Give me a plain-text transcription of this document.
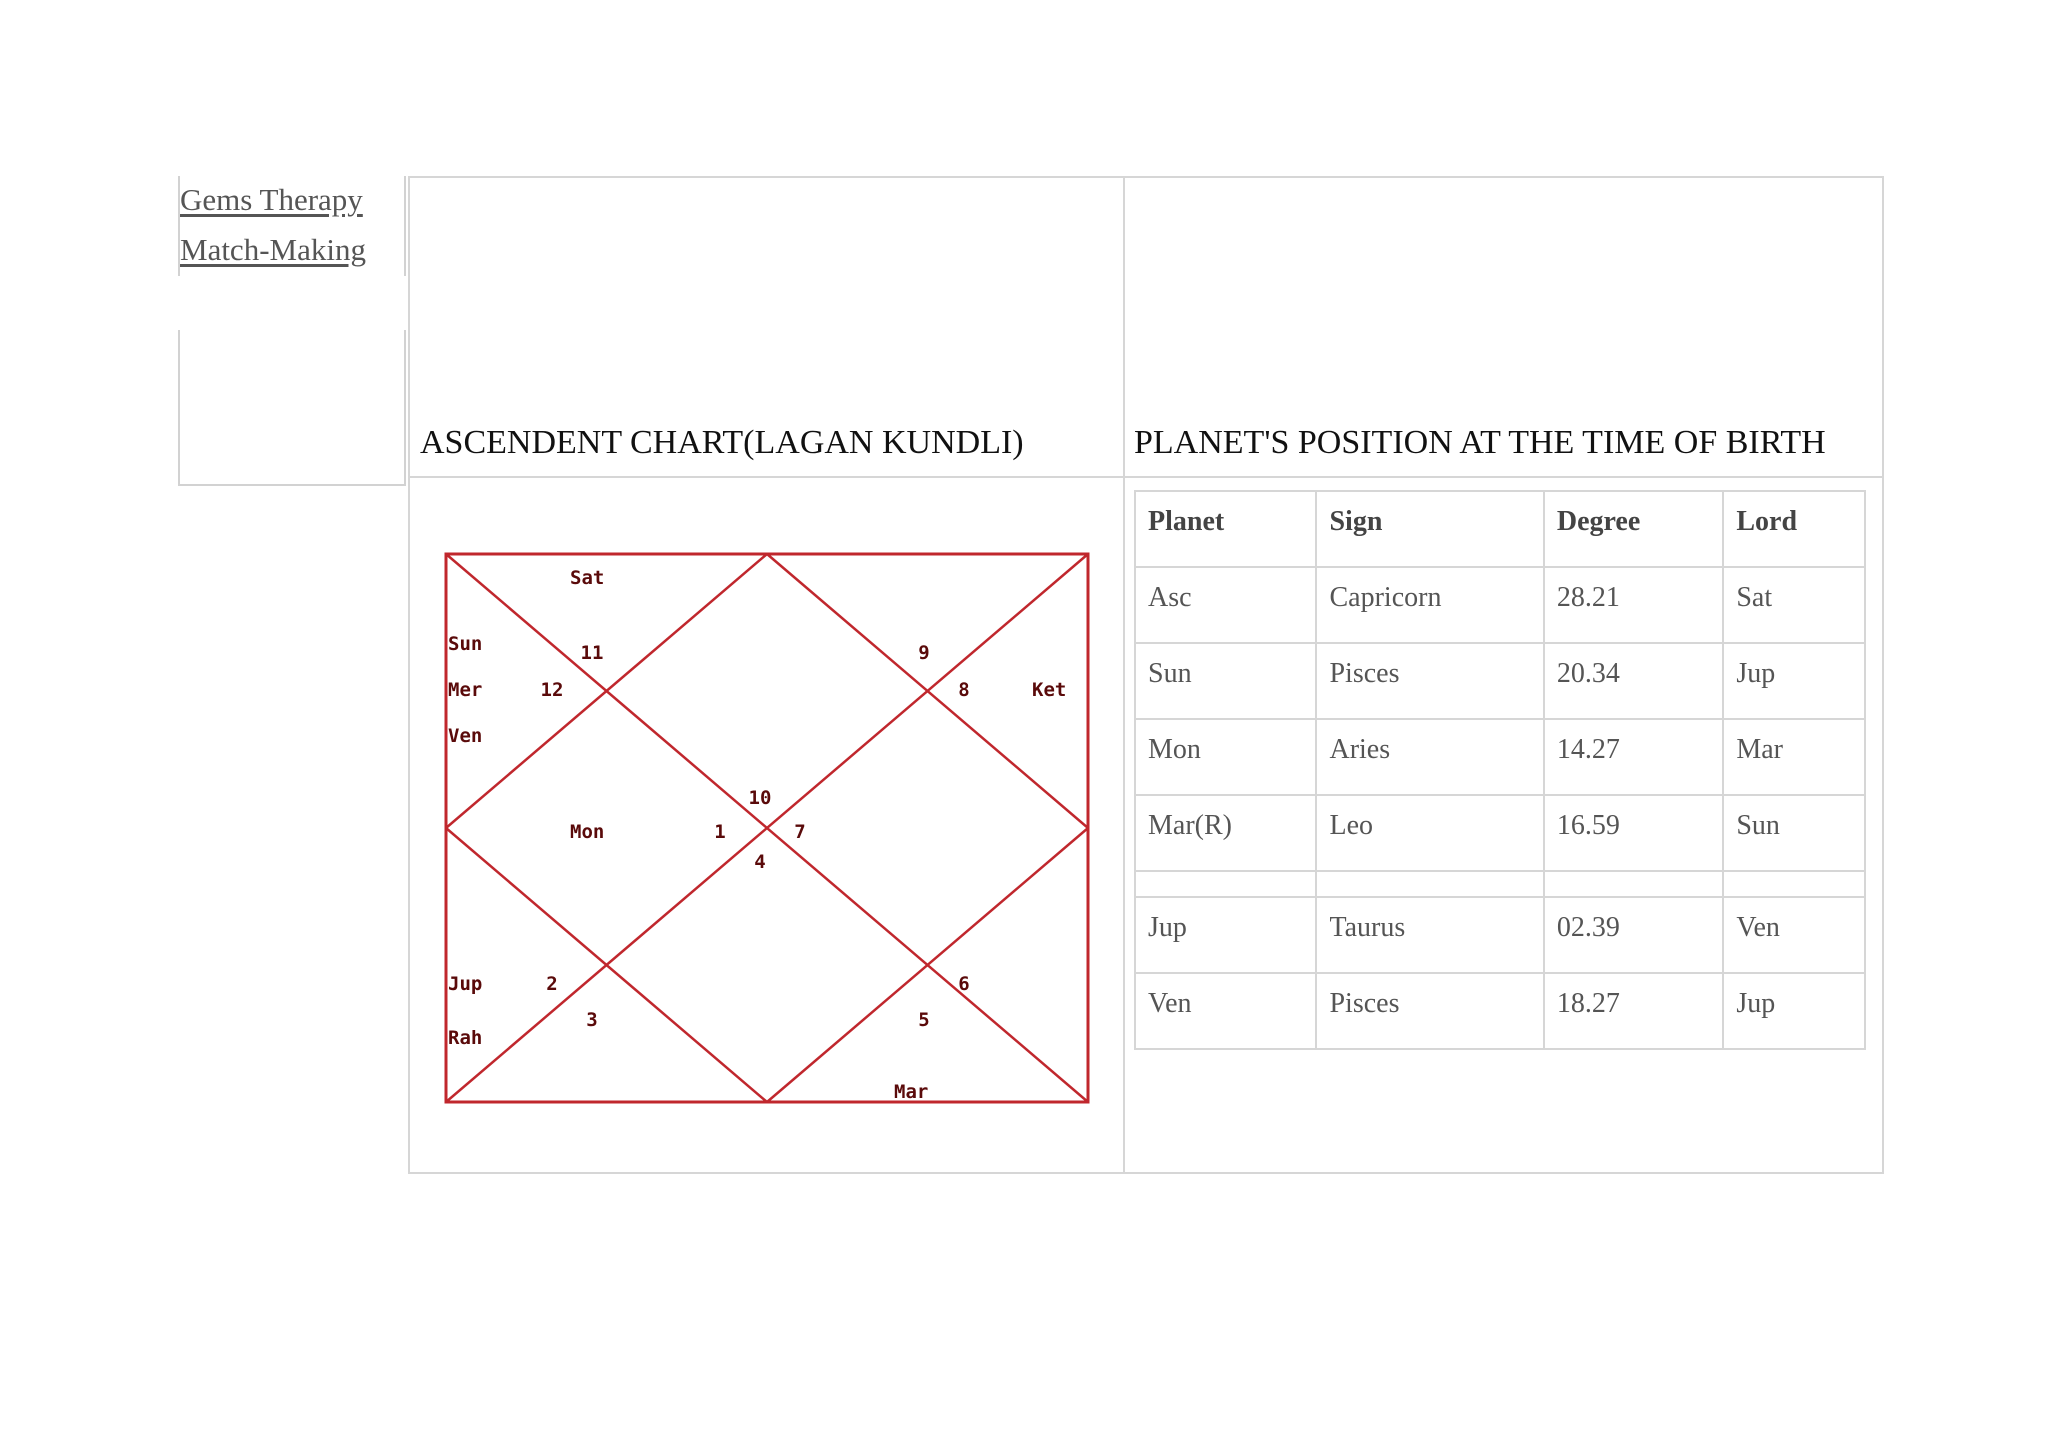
Gems Therapy
Match-Making
ASCENDENT CHART(LAGAN KUNDLI)	PLANET'S POSITION AT THE TIME OF BIRTH
1
2
3
4
5
6
7
8
9
10
11
12
Sat
Sun
Mer
Ven
Mon
Ket
Jup
Rah
Mar
Planet	Sign	Degree	Lord
Asc	Capricorn	28.21	Sat
Sun	Pisces	20.34	Jup
Mon	Aries	14.27	Mar
Mar(R)	Leo	16.59	Sun

Jup	Taurus	02.39	Ven
Ven	Pisces	18.27	Jup
